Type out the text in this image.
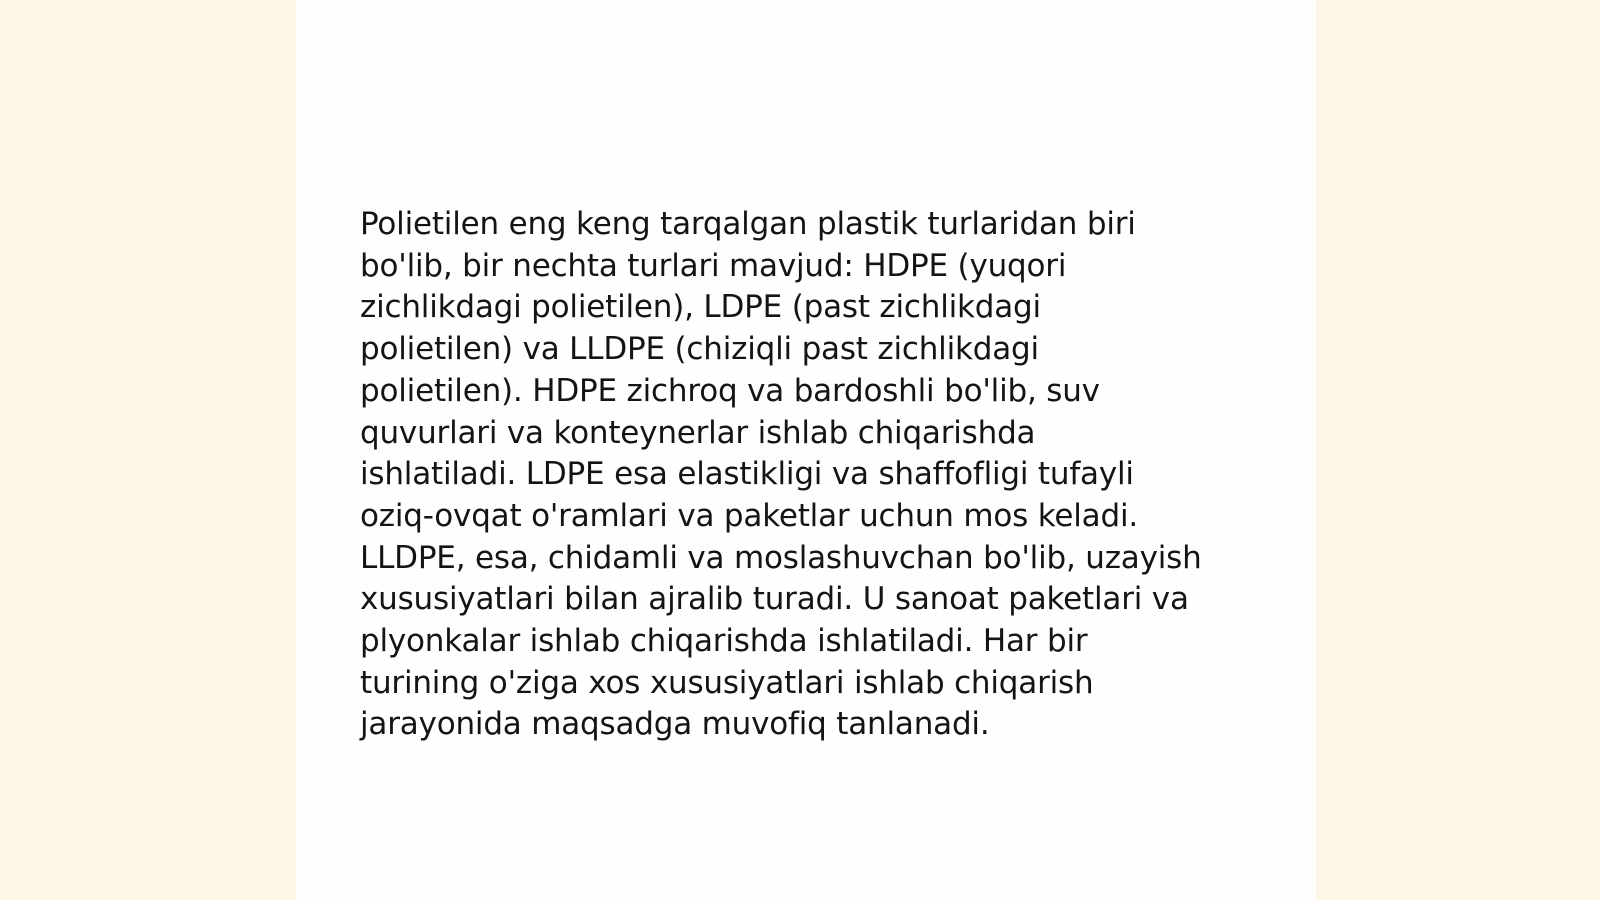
Polietilen eng keng tarqalgan plastik turlaridan biri
bo'lib, bir nechta turlari mavjud: HDPE (yuqori
zichlikdagi polietilen), LDPE (past zichlikdagi
polietilen) va LLDPE (chiziqli past zichlikdagi
polietilen). HDPE zichroq va bardoshli bo'lib, suv
quvurlari va konteynerlar ishlab chiqarishda
ishlatiladi. LDPE esa elastikligi va shaffofligi tufayli
oziq-ovqat o'ramlari va paketlar uchun mos keladi.
LLDPE, esa, chidamli va moslashuvchan bo'lib, uzayish
xususiyatlari bilan ajralib turadi. U sanoat paketlari va
plyonkalar ishlab chiqarishda ishlatiladi. Har bir
turining o'ziga xos xususiyatlari ishlab chiqarish
jarayonida maqsadga muvofiq tanlanadi.
